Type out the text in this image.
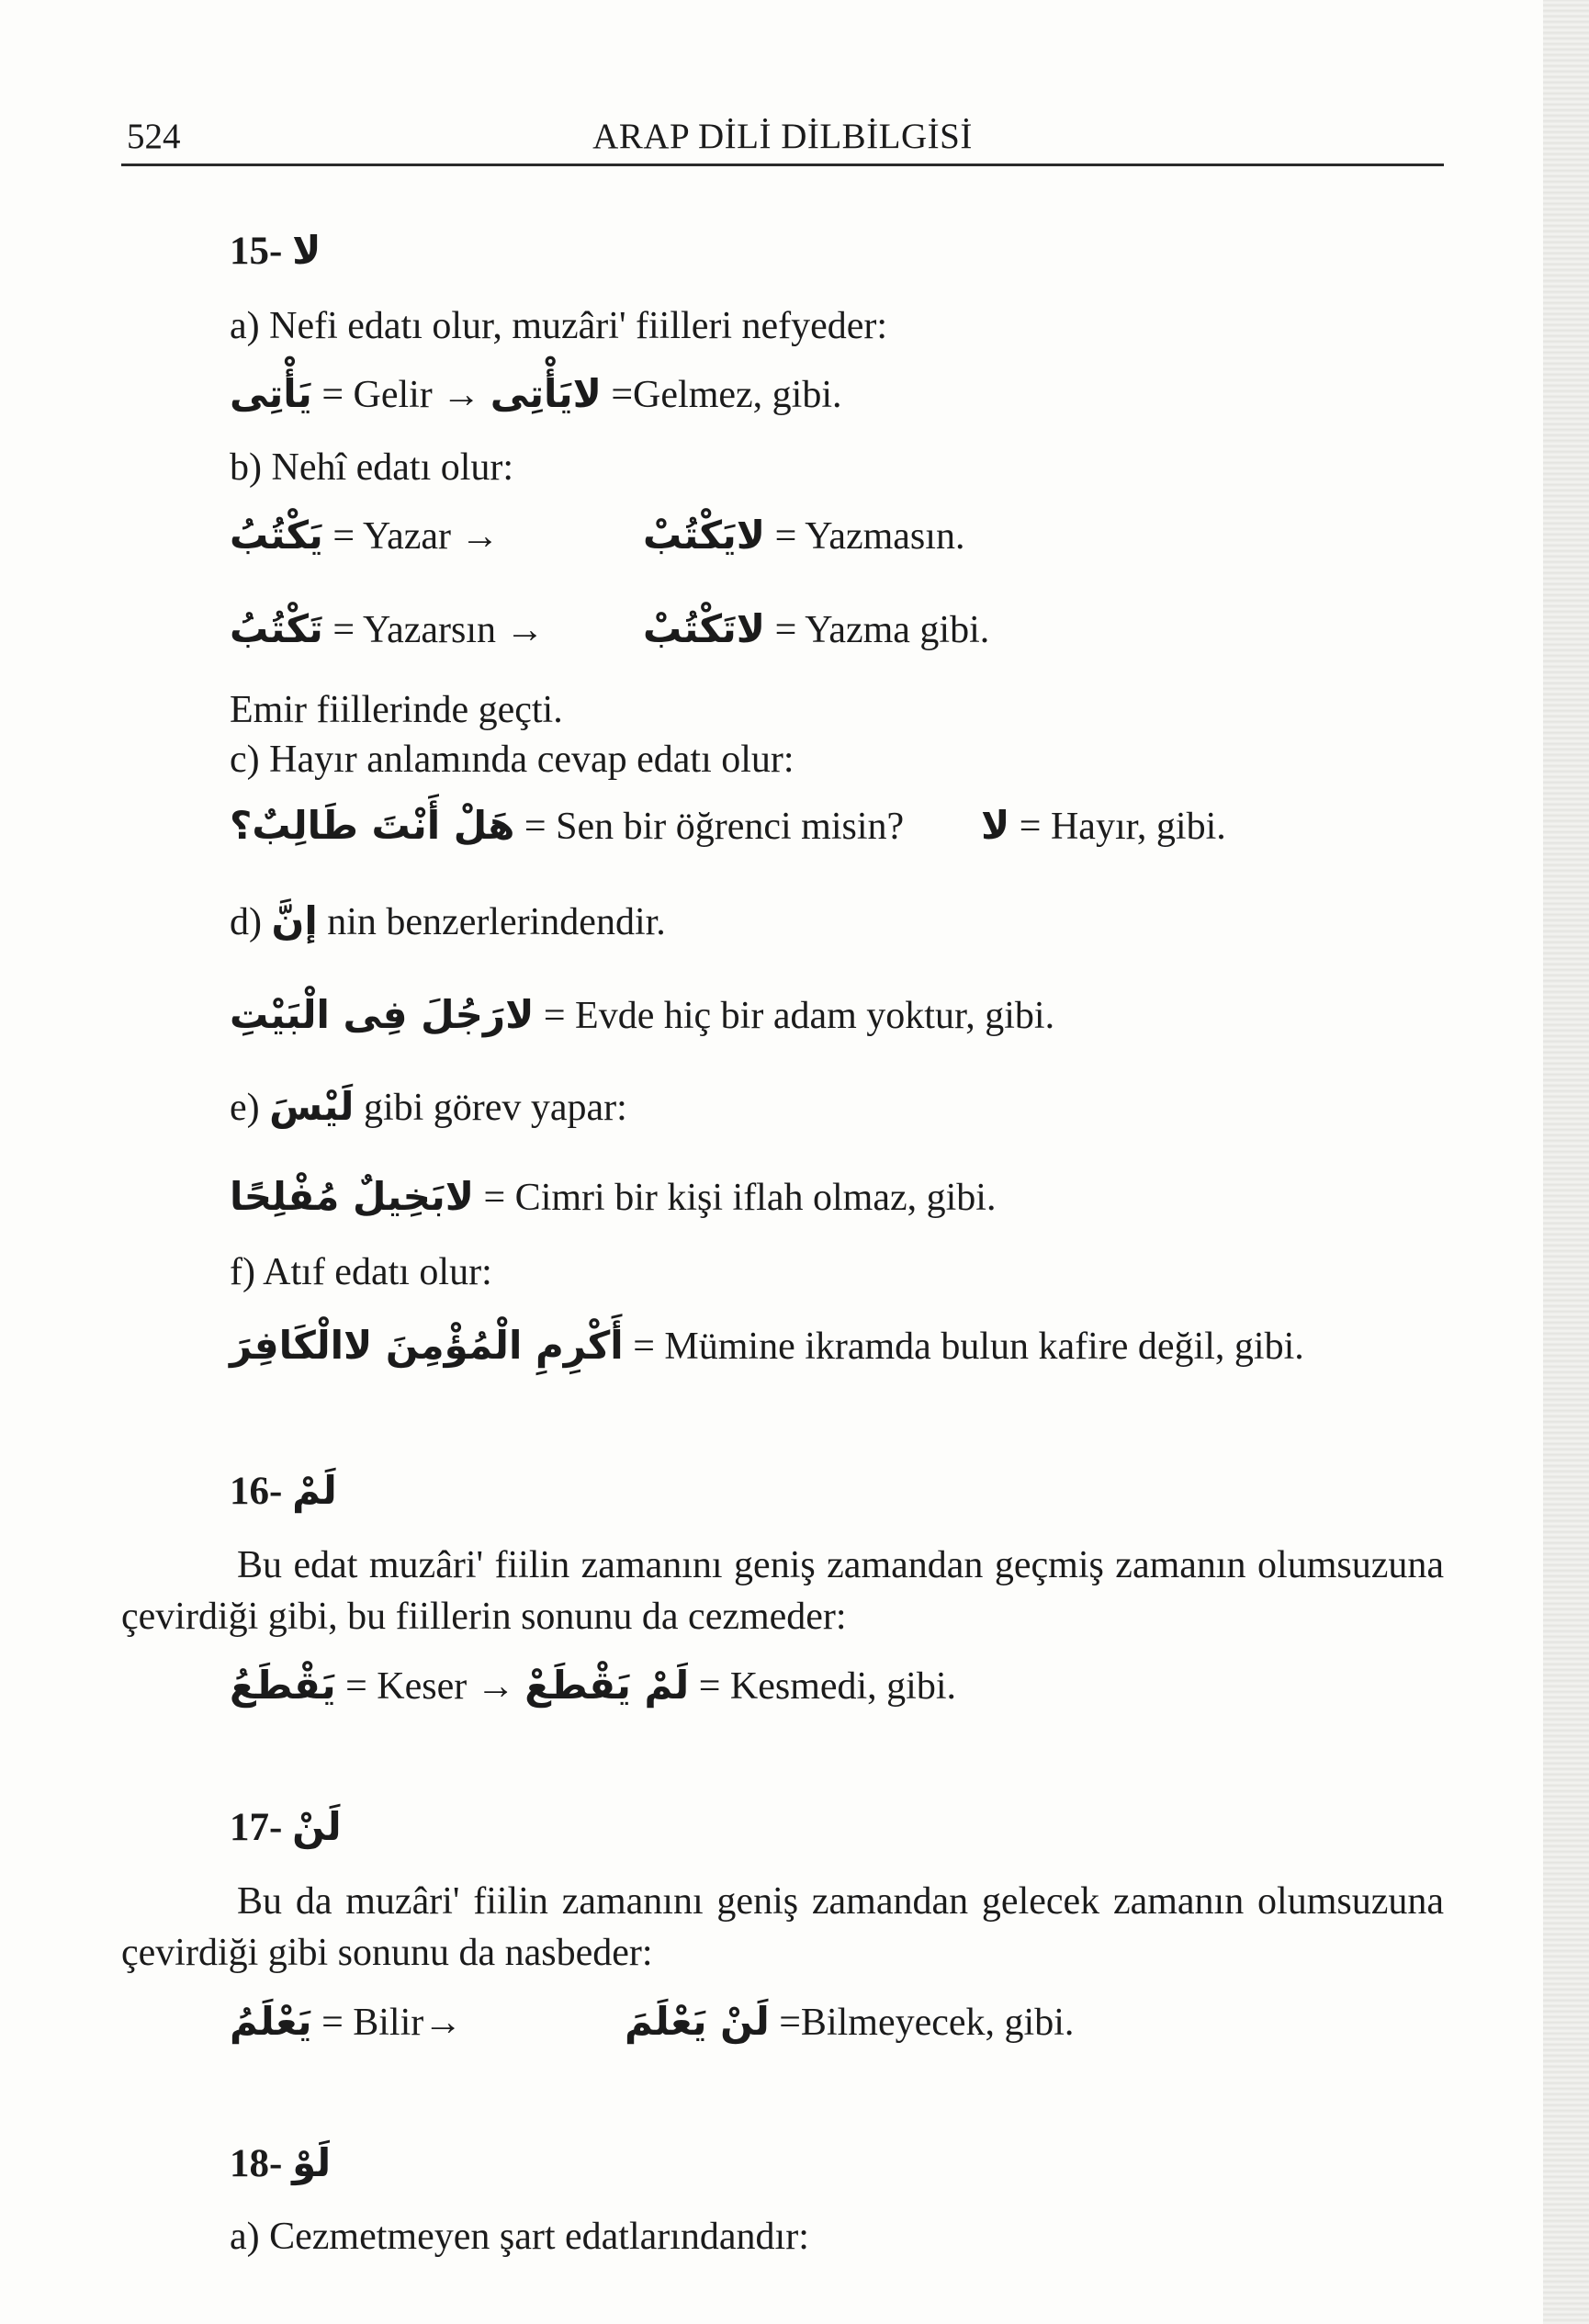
524	ARAP DİLİ DİLBİLGİSİ
15- لا
a) Nefi edatı olur, muzâri' fiilleri nefyeder:
يَأْتِى = Gelir → لايَأْتِى =Gelmez, gibi.
b) Nehî edatı olur:
يَكْتُبُ = Yazar →	لايَكْتُبْ = Yazmasın.
تَكْتُبُ = Yazarsın →	لاتَكْتُبْ = Yazma gibi.
Emir fiillerinde geçti.
c) Hayır anlamında cevap edatı olur:
هَلْ أَنْتَ طَالِبٌ؟ = Sen bir öğrenci misin? لا = Hayır, gibi.
d) إنَّ nin benzerlerindendir.
لارَجُلَ فِى الْبَيْتِ = Evde hiç bir adam yoktur, gibi.
e) لَيْسَ gibi görev yapar:
لابَخِيلٌ مُفْلِحًا = Cimri bir kişi iflah olmaz, gibi.
f) Atıf edatı olur:
أَكْرِمِ الْمُؤْمِنَ لاالْكَافِرَ = Mümine ikramda bulun kafire değil, gibi.
16- لَمْ
Bu edat muzâri' fiilin zamanını geniş zamandan geçmiş zamanın olumsuzuna çevirdiği gibi, bu fiillerin sonunu da cezmeder:
يَقْطَعُ = Keser → لَمْ يَقْطَعْ = Kesmedi, gibi.
17- لَنْ
Bu da muzâri' fiilin zamanını geniş zamandan gelecek zamanın olumsuzuna çevirdiği gibi sonunu da nasbeder:
يَعْلَمُ = Bilir→	لَنْ يَعْلَمَ =Bilmeyecek, gibi.
18- لَوْ
a) Cezmetmeyen şart edatlarındandır:
